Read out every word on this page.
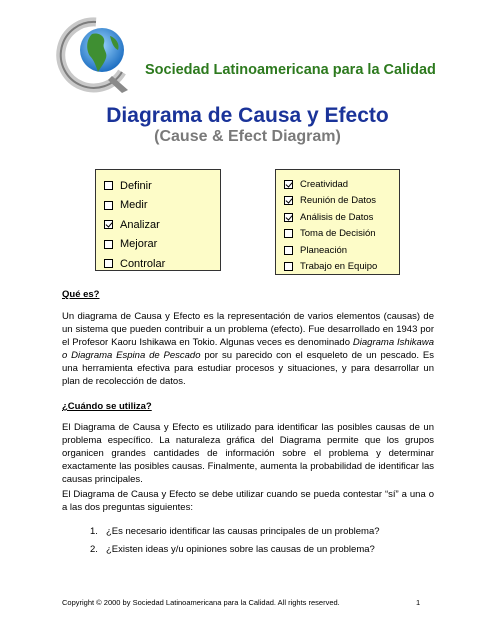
Sociedad Latinoamericana para la Calidad
Diagrama de Causa y Efecto
(Cause & Efect Diagram)
Definir
Medir
Analizar
Mejorar
Controlar
Creatividad
Reunión de Datos
Análisis de Datos
Toma de Decisión
Planeación
Trabajo en Equipo
Qué es?
Un diagrama de Causa y Efecto es la representación de varios elementos (causas) de un sistema que pueden contribuir a un problema (efecto). Fue desarrollado en 1943 por el Profesor Kaoru Ishikawa en Tokio. Algunas veces es denominado Diagrama Ishikawa o Diagrama Espina de Pescado por su parecido con el esqueleto de un pescado. Es una herramienta efectiva para estudiar procesos y situaciones, y para desarrollar un plan de recolección de datos.
¿Cuándo se utiliza?
El Diagrama de Causa y Efecto es utilizado para identificar las posibles causas de un problema específico. La naturaleza gráfica del Diagrama permite que los grupos organicen grandes cantidades de información sobre el problema y determinar exactamente las posibles causas. Finalmente, aumenta la probabilidad de identificar las causas principales.
El Diagrama de Causa y Efecto se debe utilizar cuando se pueda contestar “sí” a una o a las dos preguntas siguientes:
1. ¿Es necesario identificar las causas principales de un problema?
2. ¿Existen ideas y/u opiniones sobre las causas de un problema?
Copyright © 2000 by Sociedad Latinoamericana para la Calidad. All rights reserved.	1
